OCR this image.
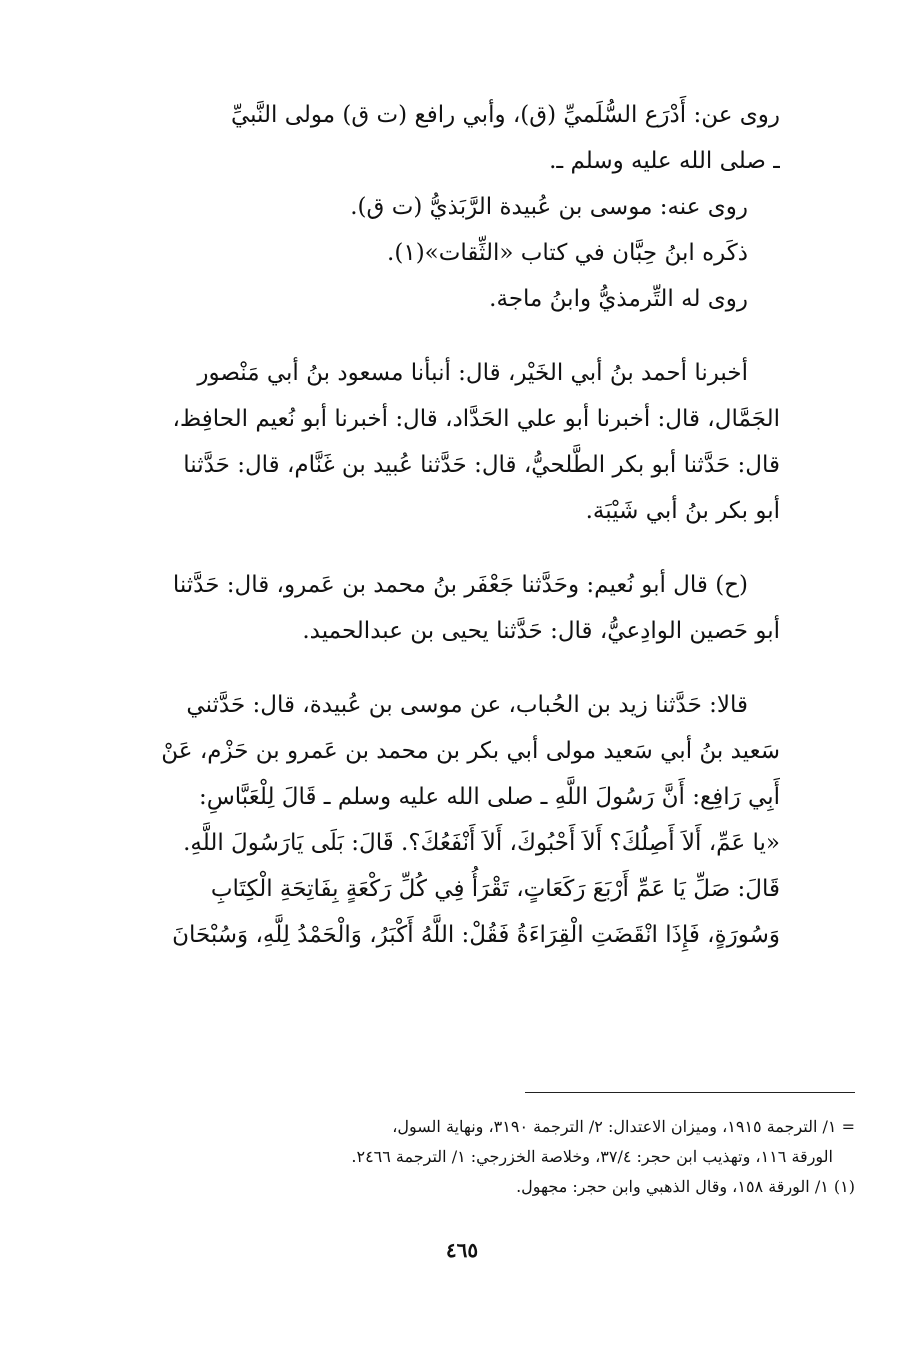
روى عن: أَدْرَع السُّلَميِّ (ق)، وأبي رافع (ت ق) مولى النَّبيِّ
ـ صلى الله عليه وسلم ـ.
روى عنه: موسى بن عُبيدة الرَّبَذيُّ (ت ق).
ذكَره ابنُ حِبَّان في كتاب «الثِّقات»(١).
روى له التِّرمذيُّ وابنُ ماجة.
أخبرنا أحمد بنُ أبي الخَيْر، قال: أنبأنا مسعود بنُ أبي مَنْصور
الجَمَّال، قال: أخبرنا أبو علي الحَدَّاد، قال: أخبرنا أبو نُعيم الحافِظ،
قال: حَدَّثنا أبو بكر الطَّلحيُّ، قال: حَدَّثنا عُبيد بن غَنَّام، قال: حَدَّثنا
أبو بكر بنُ أبي شَيْبَة.
(ح) قال أبو نُعيم: وحَدَّثنا جَعْفَر بنُ محمد بن عَمرو، قال: حَدَّثنا
أبو حَصين الوادِعيُّ، قال: حَدَّثنا يحيى بن عبدالحميد.
قالا: حَدَّثنا زيد بن الحُباب، عن موسى بن عُبيدة، قال: حَدَّثني
سَعيد بنُ أبي سَعيد مولى أبي بكر بن محمد بن عَمرو بن حَزْم، عَنْ
أَبِي رَافِع: أَنَّ رَسُولَ اللَّهِ ـ صلى الله عليه وسلم ـ قَالَ لِلْعَبَّاسِ:
«يا عَمِّ، أَلاَ أَصِلُكَ؟ أَلاَ أَحْبُوكَ، أَلاَ أَنْفَعُكَ؟. قَالَ: بَلَى يَارَسُولَ اللَّهِ.
قَالَ: صَلِّ يَا عَمِّ أَرْبَعَ رَكَعَاتٍ، تَقْرَأُ فِي كُلِّ رَكْعَةٍ بِفَاتِحَةِ الْكِتَابِ
وَسُورَةٍ، فَإِذَا انْقَضَتِ الْقِرَاءَةُ فَقُلْ: اللَّهُ أَكْبَرُ، وَالْحَمْدُ لِلَّهِ، وَسُبْحَانَ
= ١/ الترجمة ١٩١٥، وميزان الاعتدال: ٢/ الترجمة ٣١٩٠، ونهاية السول،
الورقة ١١٦، وتهذيب ابن حجر: ٣٧/٤، وخلاصة الخزرجي: ١/ الترجمة ٢٤٦٦.
(١) ١/ الورقة ١٥٨، وقال الذهبي وابن حجر: مجهول.
٤٦٥
